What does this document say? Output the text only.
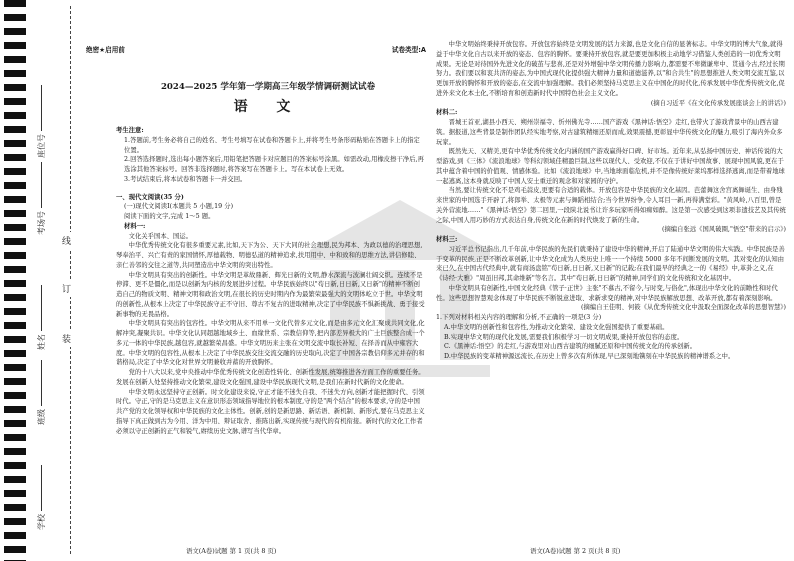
学校
班级
姓名
考场号
座位号
装
订
线
绝密★启用前	试卷类型:A
2024—2025 学年第一学期高三年级学情调研测试试卷
语 文
考生注意:
1.答题前,考生务必将自己的姓名、考生号填写在试卷和答题卡上,并将考生号条形码粘贴在答题卡上的指定位置。
2.回答选择题时,选出每小题答案后,用铅笔把答题卡对应题目的答案标号涂黑。如需改动,用橡皮擦干净后,再选涂其他答案标号。回答非选择题时,将答案写在答题卡上。写在本试卷上无效。
3.考试结束后,将本试卷和答题卡一并交回。
一、现代文阅读(35 分)
(一)现代文阅读Ⅰ(本题共 5 小题,19 分)
阅读下面的文字,完成 1～5 题。
材料一:
文化关乎国本、国运。
中华优秀传统文化有很多重要元素,比如,天下为公、天下大同的社会理想,民为邦本、为政以德的治理思想,琴奉治平、兴亡有责的家国情怀,厚德载物、明德弘道的精神追求,扶用用中、中和致和的思维方法,讲信修睦、亲仁善邻的交往之道等,共同塑造出中华文明的突出特性。
中华文明具有突出的创新性。中华文明是革故鼎新、辉光日新的文明,静水深流与波澜壮阔交织。连续不是停滞、更不是僵化,而是以创新为内核的发展进步过程。中华民族始终以"苟日新,日日新,又日新"的精神不断创造自己的物质文明、精神文明和政治文明,在很长的历史时期内作为最繁荣最强大的文明体屹立于世。中华文明的创新性,从根本上决定了中华民族守正不守旧、尊古不复古的进取精神,决定了中华民族不惧新挑战、勇于接受新事物的无畏品格。
中华文明具有突出的包容性。中华文明从来不用单一文化代替多元文化,而是由多元文化汇聚成共同文化,化解冲突,凝聚共识。中华文化认同超越地域乡土、血缘世系、宗教信仰等,把内部差异极大的广土巨族整合成一个多元一体的中华民族,越包容,就越繁荣昌盛。中华文明历来主张在文明交流中取长补短、在择善而从中雍容大度。中华文明的包容性,从根本上决定了中华民族交往交流交融的历史取向,决定了中国各宗教信仰多元并存的和谐格局,决定了中华文化对世界文明兼收并蓄的开放胸怀。
党的十八大以来,党中央推动中华优秀传统文化创造性转化、创新性发展,统筹推进各方面工作的重要任务。发展在创新人处坚持推动文化繁荣,建设文化强国,建设中华民族现代文明,是我们在新时代新的文化使命。
中华文明永远坚持守正创新。时文化建设来说,守正才能不迷失自我、不迷失方向,创新才能把握时代、引领时代。守正,守的是马克思主义在意识形态领域指导地位的根本制度,守的是"两个结合"的根本要求,守的是中国共产党的文化领导权和中华民族的文化主体性。创新,创的是新思路、新话语、新机制、新形式,要在马克思主义指导下真正做到古为今用、洋为中用、辩证取舍、推陈出新,实现传统与现代的有机衔接。新时代的文化工作者必须以守正创新的正气和锐气,赓续历史文脉,谱写当代华章。
中华文明始终秉持开放包容。开放包容始终是文明发展的活力来源,也是文化自信的显著标志。中华文明的博大气象,就得益于中华文化自古以来开放的姿态、包容的胸怀。要秉持开放包容,就是要更加积极主动地学习借鉴人类创造的一切优秀文明成果。无论是对待国外先进文化的破茧与悲喜,还是对外增强中华文明传播力影响力,都需要不卑微谦卑中、贯通今古,经过长期努力。我们要以和衷共济的姿态,为中国式现代化提供强大精神力量和道德滋养,以"和合共生"的思想推进人类文明交流互鉴,以更加开放的胸怀和开放的姿态,在交流中加强理解。我们必须坚持马克思主义在中国化的时代化,传承发展中华优秀传统文化,促进外来文化本土化,不断培育和创造新时代中国特色社会主义文化。
(摘自习近平《在文化传承发展座谈会上的讲话》)
材料二:
晋城王首亚,湖县小西天、朔州崇福寺、忻州佛光寺……国产游戏《黑神话:悟空》走红,也带火了游戏背景中的山西古建筑。据报道,这些背景是制作团队经实地考察,对古建筑精细还原而成,效果震撼,更彰显中华传统文化的魅力,吸引了海内外众多玩家。
既然先天、又精美,更有中华优秀传统文化内涵的国产游戏赢得好口碑、好市场。近年来,从弘扬中国历史、神话传说的大型游戏,到《三体》《流浪地球》等科幻领域佳精盈巨制,这些以现代人、受欢迎,不仅在于讲好中国故事、展现中国风貌,更在于其中蕴含着中国的价值观、情感体验。比如《流浪地球》中,当地球面临危机,并不是像传统好莱坞那样选择逃离,而是带着地球一起逃离,这本身就反映了中国人安土重迁的观念和对家园的守护。
当然,要让传统文化不是鸡毛蒜皮,更要有合适的载体。开放包容是中华民族的文化基因。芭蕾舞这舍宫离舞诞生、由身残来世家的中国选手开辟了,将郎举、太极等元素与舞蹈相结合;当今世界纷争,令人耳目一新,再得满堂彩。"黄风岭,八百里,曾是关外营流地……"《黑神话:悟空》第二回里,一段陕北说书让许多玩家听得如痴如醉。这是第一次感受到这项非遗技艺及其传统之际,中国人用巧妙的方式表达自身,传统文化在新的时代焕发了新的生命。
(摘编自张远《国风破圈,"悟空"带来的启示》)
材料三:
习近平总书记指出,几千年前,中华民族的先民们就秉持了建设中华的精神,开启了陆通中华文明的伟大实践。中华民族是善于变革的民族,正是不断改革创新,让中华文化成为人类历史上唯一一个持续 5000 多年不间断发展的文明。其对变化的认知由来已久,在中国古代经典中,就有商汤盘铭"苟日新,日日新,又日新"的记载;在我们最早的经典之一的《易经》中,革卦之义,在《诗经·大雅》"周虽旧邦,其命维新"等名言。其中"苟日新,日日新"的精神,同学们的文化传统和文化基因中。
中华文明具有创新性,中国文化经典《管子·正世》主张"不慕古,不留今,与时变,与俗化",体现出中华文化的前瞻性和时代性。这些思想智慧观念体现了中华民族不断锐意进取、求新求变的精神,对中华民族解放思想、改革开放,都有着深刻影响。
(摘编自王佳明、何筱《从优秀传统文化中汲取全面深化改革的思想智慧》)
1.下列对材料相关内容的理解和分析,不正确的一项是(3 分)
A.中华文明的创新性和包容性,为推动文化繁荣、建设文化强国提供了重要基础。
B.实现中华文明的现代化发展,需要我们积极学习一切文明成果,秉持开放包容的态度。
C.《黑神话:悟空》的走红,与游戏里对山西古建筑的细腻还原和中国传统文化的传承创新。
D.中华民族的变革精神源远流长,在历史上曾多次有所体现,早已深刻地镌刻在中华民族的精神谱系之中。
语文(A卷)试题 第 1 页(共 8 页)	语文(A卷)试题 第 2 页(共 8 页)
